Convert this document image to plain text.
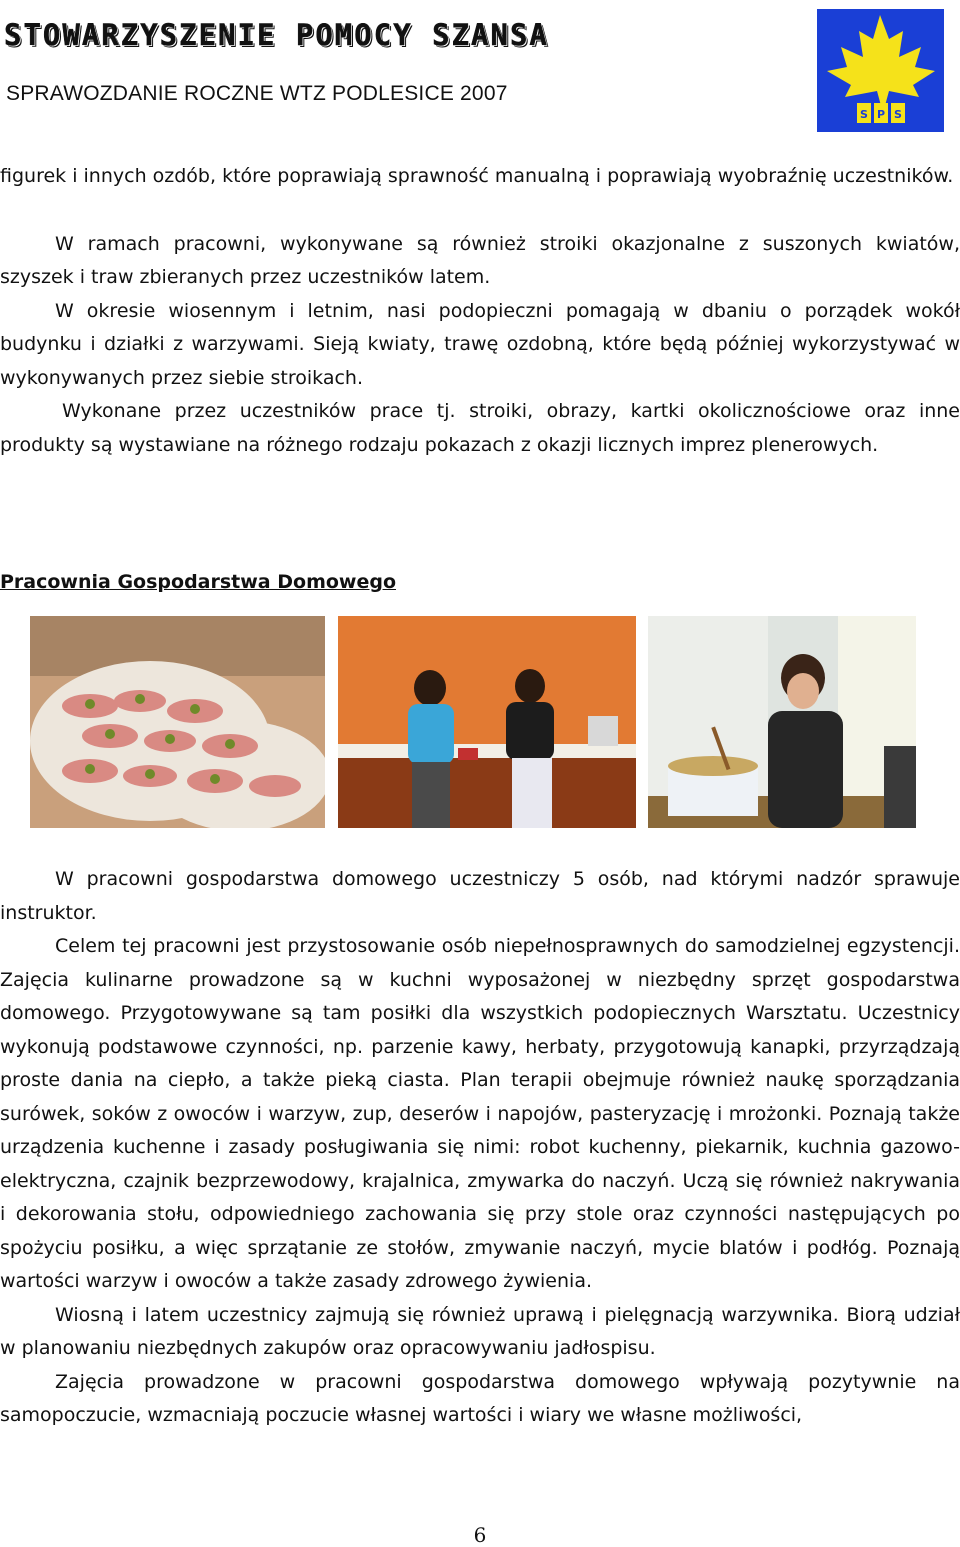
STOWARZYSZENIE POMOCY SZANSA
SPRAWOZDANIE ROCZNE WTZ PODLESICE 2007
S P S

figurek i innych ozdób, które poprawiają sprawność manualną i poprawiają wyobraźnię uczestników.

W ramach pracowni, wykonywane są również stroiki okazjonalne z suszonych kwiatów, szyszek i traw zbieranych przez uczestników latem.

W okresie wiosennym i letnim, nasi podopieczni pomagają w dbaniu o porządek wokół budynku i działki z warzywami. Sieją kwiaty, trawę ozdobną, które będą później wykorzystywać w wykonywanych przez siebie stroikach.

Wykonane przez uczestników prace tj. stroiki, obrazy, kartki okolicznościowe oraz inne produkty są wystawiane na różnego rodzaju pokazach z okazji licznych imprez plenerowych.

Pracownia Gospodarstwa Domowego

W pracowni gospodarstwa domowego uczestniczy 5 osób, nad którymi nadzór sprawuje instruktor.

Celem tej pracowni jest przystosowanie osób niepełnosprawnych do samodzielnej egzystencji. Zajęcia kulinarne prowadzone są w kuchni wyposażonej w niezbędny sprzęt gospodarstwa domowego. Przygotowywane są tam posiłki dla wszystkich podopiecznych Warsztatu. Uczestnicy wykonują podstawowe czynności, np. parzenie kawy, herbaty, przygotowują kanapki, przyrządzają proste dania na ciepło, a także pieką ciasta. Plan terapii obejmuje również naukę sporządzania surówek, soków z owoców i warzyw, zup, deserów i napojów, pasteryzację i mrożonki. Poznają także urządzenia kuchenne i zasady posługiwania się nimi: robot kuchenny, piekarnik, kuchnia gazowo-elektryczna, czajnik bezprzewodowy, krajalnica, zmywarka do naczyń. Uczą się również nakrywania i dekorowania stołu, odpowiedniego zachowania się przy stole oraz czynności następujących po spożyciu posiłku, a więc sprzątanie ze stołów, zmywanie naczyń, mycie blatów i podłóg. Poznają wartości warzyw i owoców a także zasady zdrowego żywienia.

Wiosną i latem uczestnicy zajmują się również uprawą i pielęgnacją warzywnika. Biorą udział w planowaniu niezbędnych zakupów oraz opracowywaniu jadłospisu.

Zajęcia prowadzone w pracowni gospodarstwa domowego wpływają pozytywnie na samopoczucie, wzmacniają poczucie własnej wartości i wiary we własne możliwości,

6
